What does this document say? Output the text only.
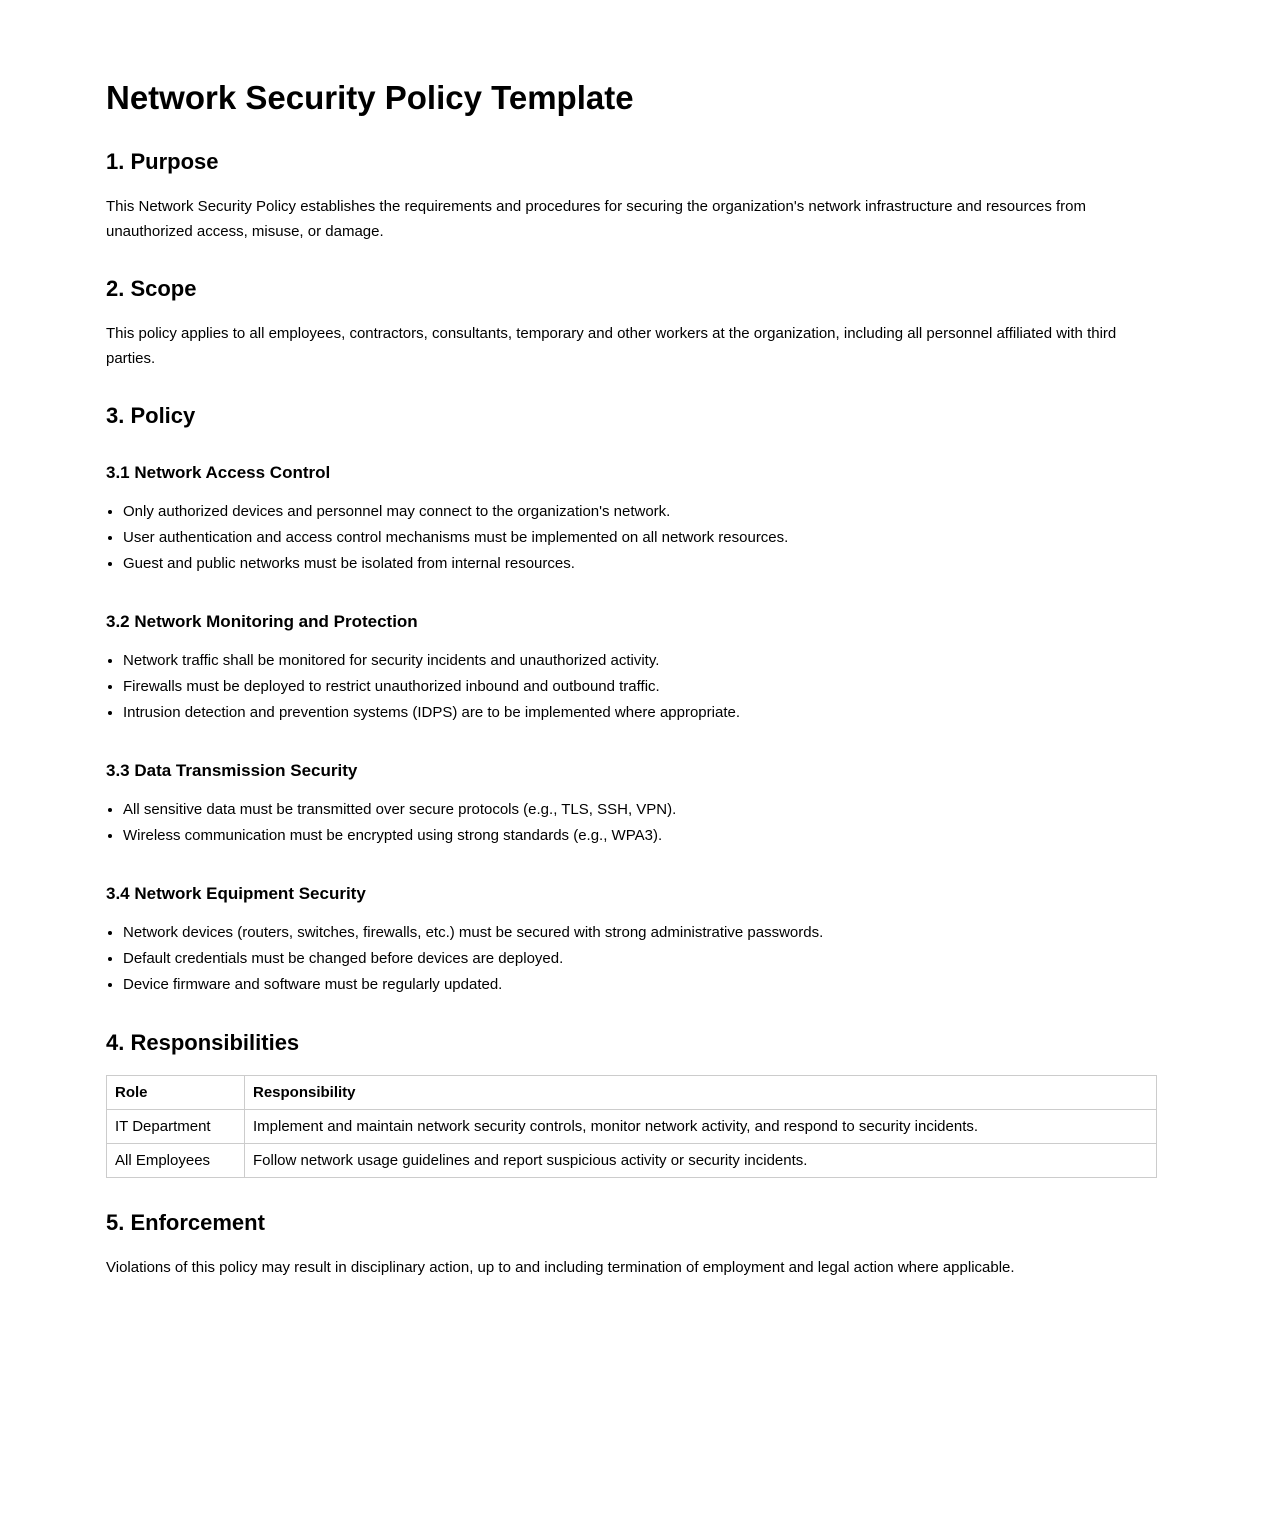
Network Security Policy Template
1. Purpose

This Network Security Policy establishes the requirements and procedures for securing the organization's network infrastructure and resources from unauthorized access, misuse, or damage.

2. Scope

This policy applies to all employees, contractors, consultants, temporary and other workers at the organization, including all personnel affiliated with third parties.

3. Policy
3.1 Network Access Control
• Only authorized devices and personnel may connect to the organization's network.
• User authentication and access control mechanisms must be implemented on all network resources.
• Guest and public networks must be isolated from internal resources.
3.2 Network Monitoring and Protection
• Network traffic shall be monitored for security incidents and unauthorized activity.
• Firewalls must be deployed to restrict unauthorized inbound and outbound traffic.
• Intrusion detection and prevention systems (IDPS) are to be implemented where appropriate.
3.3 Data Transmission Security
• All sensitive data must be transmitted over secure protocols (e.g., TLS, SSH, VPN).
• Wireless communication must be encrypted using strong standards (e.g., WPA3).
3.4 Network Equipment Security
• Network devices (routers, switches, firewalls, etc.) must be secured with strong administrative passwords.
• Default credentials must be changed before devices are deployed.
• Device firmware and software must be regularly updated.
4. Responsibilities
Role	Responsibility
IT Department	Implement and maintain network security controls, monitor network activity, and respond to security incidents.
All Employees	Follow network usage guidelines and report suspicious activity or security incidents.
5. Enforcement

Violations of this policy may result in disciplinary action, up to and including termination of employment and legal action where applicable.
